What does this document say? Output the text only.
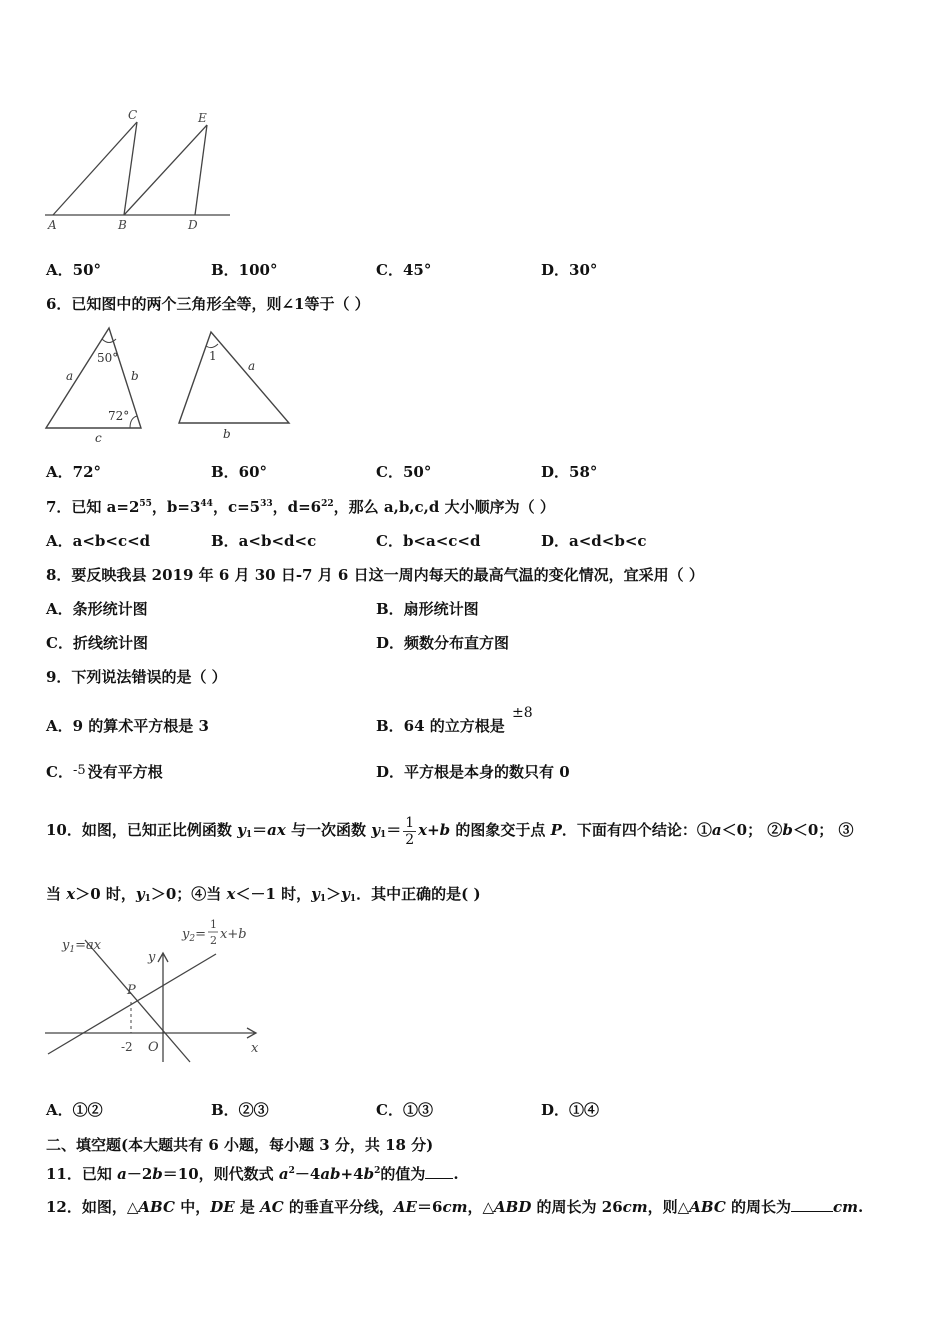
A	B
C
D
E
A．50°	B．100°	C．45°	D．30°
6．已知图中的两个三角形全等，则∠1等于（ ）
50°
72°
a	b
c
1
a
b
A．72°	B．60°	C．50°	D．58°
7．已知 $a=2^{55}$，$b=3^{44}$，$c=5^{33}$，$d=6^{22}$，那么 a,b,c,d 大小顺序为（ ）
A．a<b<c<d	B．a<b<d<c	C．b<a<c<d	D．a<d<b<c
8．要反映我县 2019 年 6 月 30 日-7 月 6 日这一周内每天的最高气温的变化情况，宜采用（ ）
A．条形统计图	B．扇形统计图
C．折线统计图	D．频数分布直方图
9．下列说法错误的是（ ）
A．9 的算术平方根是 3	B．64 的立方根是 ±8
C．-5 没有平方根	D．平方根是本身的数只有 0
10．如图，已知正比例函数 $y_1=ax$ 与一次函数 $y_1= \frac{1}{2} x+b$ 的图象交于点 P．下面有四个结论：①a＜0； ②b＜0； ③
当 x＞0 时，$y_1>0$；④当 x＜－1 时，$y_1>y_1$．其中正确的是( )
$y_1=ax$
$y_2=$
1
2 x+b
y
x
P
-2 O
A．①②	B．②③	C．①③	D．①④
二、填空题(本大题共有 6 小题，每小题 3 分，共 18 分)
11．已知 a－2b＝10，则代数式 $a^2-4ab+4b^2$的值为 .
12．如图，△ABC 中，DE 是 AC 的垂直平分线，AE＝6cm，△ABD 的周长为 26cm，则△ABC 的周长为	cm.
